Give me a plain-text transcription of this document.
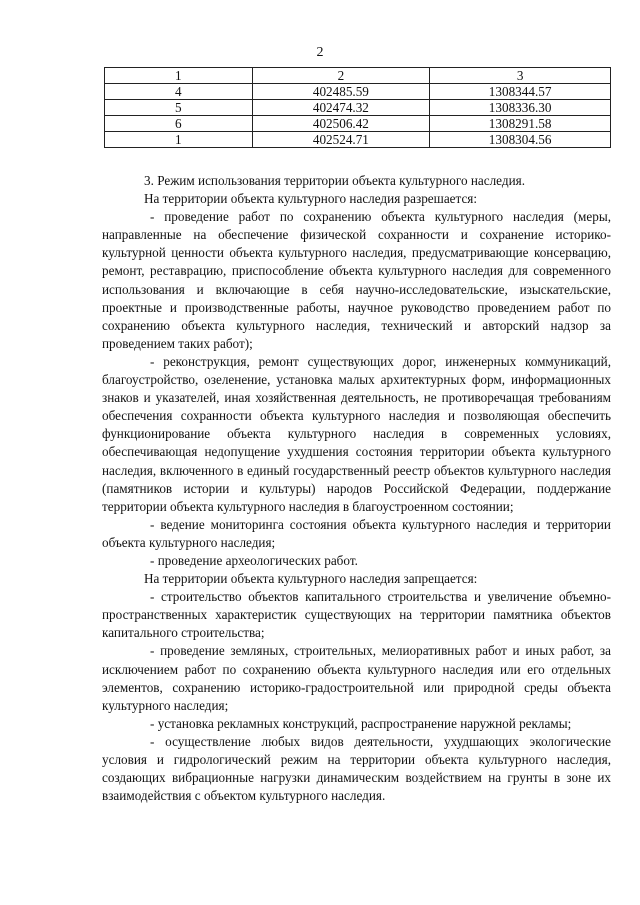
2
1	2	3
4	402485.59	1308344.57
5	402474.32	1308336.30
6	402506.42	1308291.58
1	402524.71	1308304.56

3. Режим использования территории объекта культурного наследия.

На территории объекта культурного наследия разрешается:

- проведение работ по сохранению объекта культурного наследия (меры, направленные на обеспечение физической сохранности и сохранение историко-культурной ценности объекта культурного наследия, предусматривающие консервацию, ремонт, реставрацию, приспособление объекта культурного наследия для современного использования и включающие в себя научно-исследовательские, изыскательские, проектные и производственные работы, научное руководство проведением работ по сохранению объекта культурного наследия, технический и авторский надзор за проведением таких работ);

- реконструкция, ремонт существующих дорог, инженерных коммуникаций, благоустройство, озеленение, установка малых архитектурных форм, информационных знаков и указателей, иная хозяйственная деятельность, не противоречащая требованиям обеспечения сохранности объекта культурного наследия и позволяющая обеспечить функционирование объекта культурного наследия в современных условиях, обеспечивающая недопущение ухудшения состояния территории объекта культурного наследия, включенного в единый государственный реестр объектов культурного наследия (памятников истории и культуры) народов Российской Федерации, поддержание территории объекта культурного наследия в благоустроенном состоянии;

- ведение мониторинга состояния объекта культурного наследия и территории объекта культурного наследия;

- проведение археологических работ.

На территории объекта культурного наследия запрещается:

- строительство объектов капитального строительства и увеличение объемно-пространственных характеристик существующих на территории памятника объектов капитального строительства;

- проведение земляных, строительных, мелиоративных работ и иных работ, за исключением работ по сохранению объекта культурного наследия или его отдельных элементов, сохранению историко-градостроительной или природной среды объекта культурного наследия;

- установка рекламных конструкций, распространение наружной рекламы;

- осуществление любых видов деятельности, ухудшающих экологические условия и гидрологический режим на территории объекта культурного наследия, создающих вибрационные нагрузки динамическим воздействием на грунты в зоне их взаимодействия с объектом культурного наследия.
